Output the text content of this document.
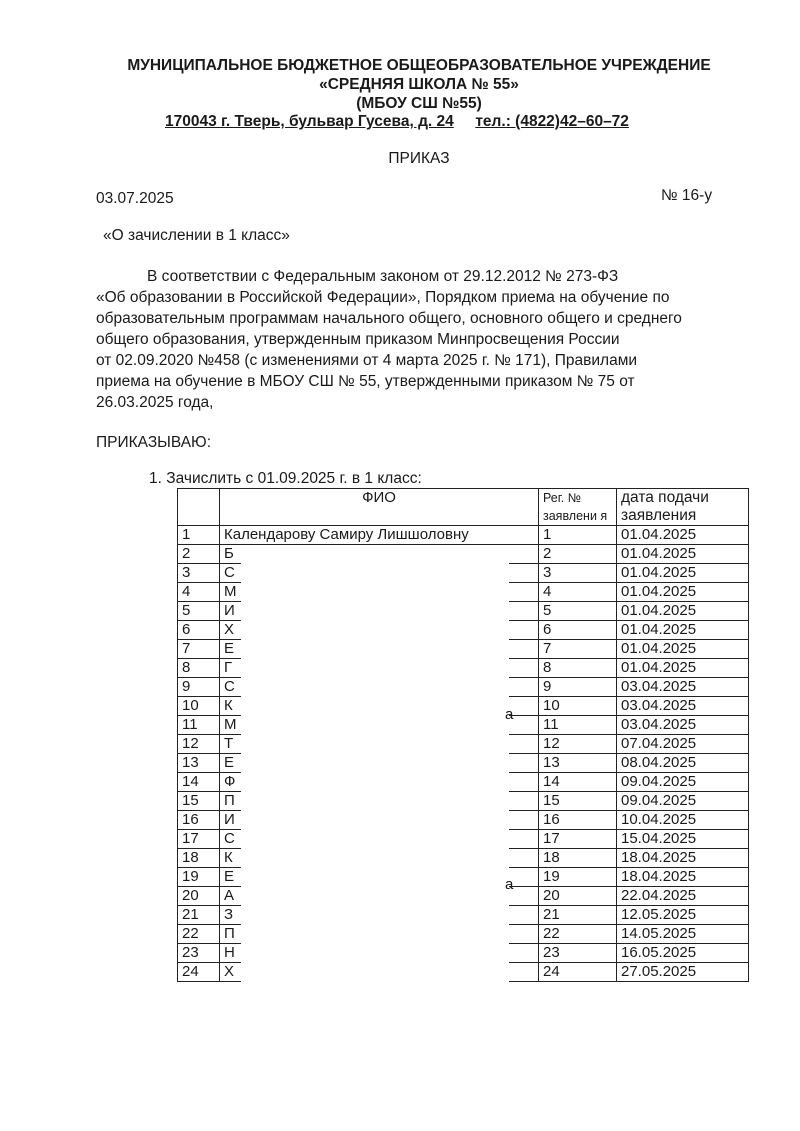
МУНИЦИПАЛЬНОЕ БЮДЖЕТНОЕ ОБЩЕОБРАЗОВАТЕЛЬНОЕ УЧРЕЖДЕНИЕ
«СРЕДНЯЯ ШКОЛА № 55»
(МБОУ СШ №55)
170043 г. Тверь, бульвар Гусева, д. 24 тел.: (4822)42–60–72
ПРИКАЗ
03.07.2025	№ 16-у
«О зачислении в 1 класс»
В соответствии с Федеральным законом от 29.12.2012 № 273-ФЗ
«Об образовании в Российской Федерации», Порядком приема на обучение по
образовательным программам начального общего, основного общего и среднего
общего образования, утвержденным приказом Минпросвещения России
от 02.09.2020 №458 (с изменениями от 4 марта 2025 г. № 171), Правилами
приема на обучение в МБОУ СШ № 55, утвержденными приказом № 75 от
26.03.2025 года,
ПРИКАЗЫВАЮ:
1. Зачислить с 01.09.2025 г. в 1 класс:
	ФИО	Рег. № заявлени я	дата подачи заявления
1	Календарову Самиру Лишшоловну	1	01.04.2025
2	Б	2	01.04.2025
3	С	3	01.04.2025
4	М	4	01.04.2025
5	И	5	01.04.2025
6	Х	6	01.04.2025
7	Е	7	01.04.2025
8	Г	8	01.04.2025
9	С	9	03.04.2025
10	К	10	03.04.2025
11	М	11	03.04.2025
12	Т	12	07.04.2025
13	Е	13	08.04.2025
14	Ф	14	09.04.2025
15	П	15	09.04.2025
16	И	16	10.04.2025
17	С	17	15.04.2025
18	К	18	18.04.2025
19	Е	19	18.04.2025
20	А	20	22.04.2025
21	З	21	12.05.2025
22	П	22	14.05.2025
23	Н	23	16.05.2025
24	Х	24	27.05.2025
а
а
